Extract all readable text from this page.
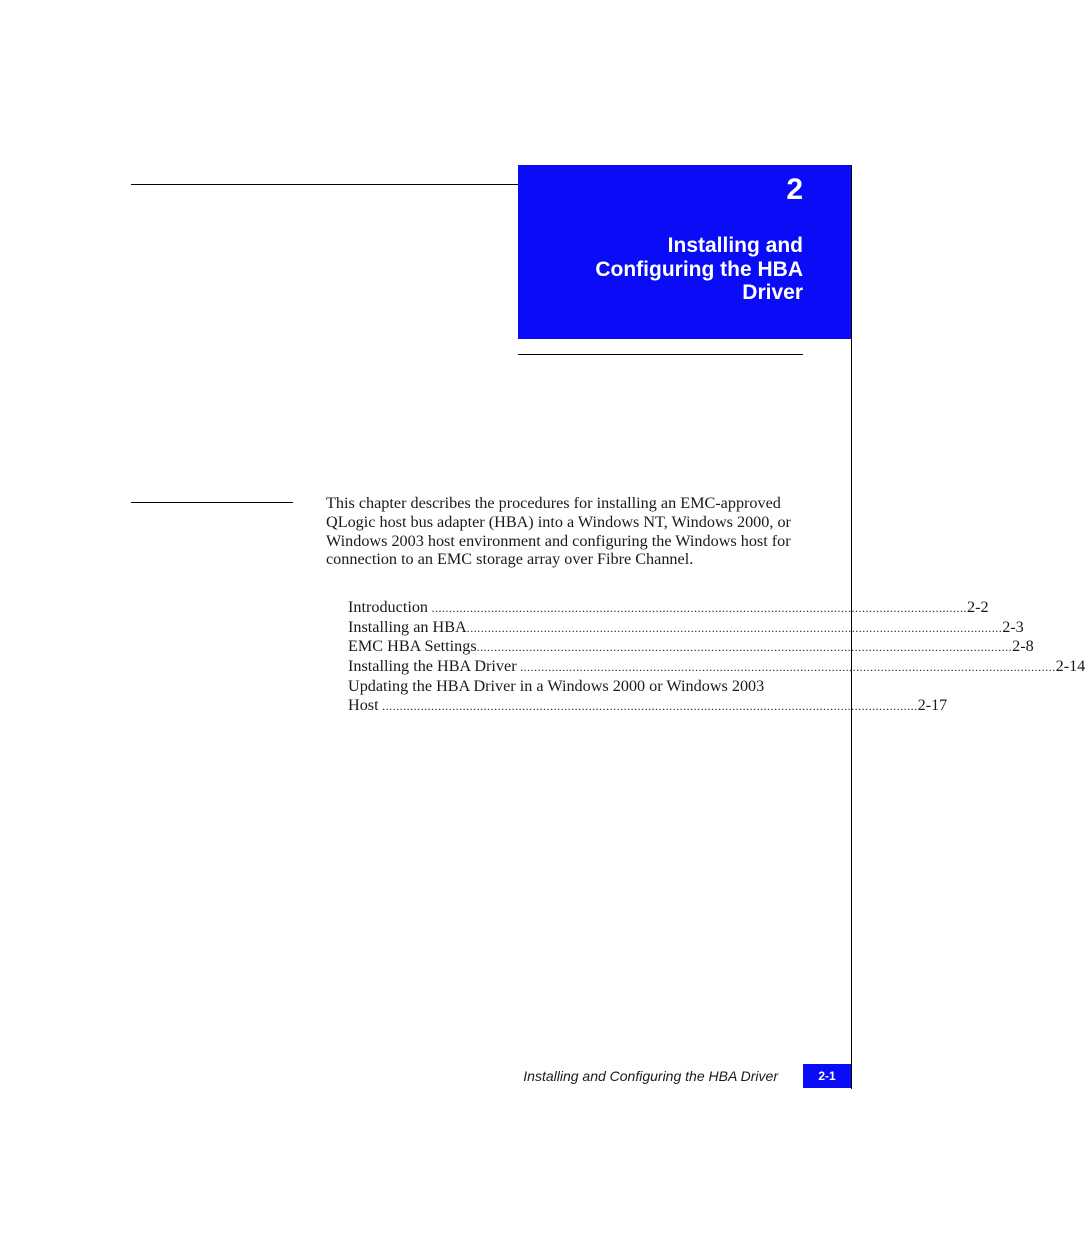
2
Installing and
Configuring the HBA
Driver

This chapter describes the procedures for installing an EMC-approved QLogic host bus adapter (HBA) into a Windows NT, Windows 2000, or Windows 2003 host environment and configuring the Windows host for connection to an EMC storage array over Fibre Channel.

Introduction ......................................................................................................................................................... 2-2
Installing an HBA ......................................................................................................................................................... 2-3
EMC HBA Settings ......................................................................................................................................................... 2-8
Installing the HBA Driver ......................................................................................................................................................... 2-14
Updating the HBA Driver in a Windows 2000 or Windows 2003
Host ......................................................................................................................................................... 2-17
Installing and Configuring the HBA Driver	2-1
